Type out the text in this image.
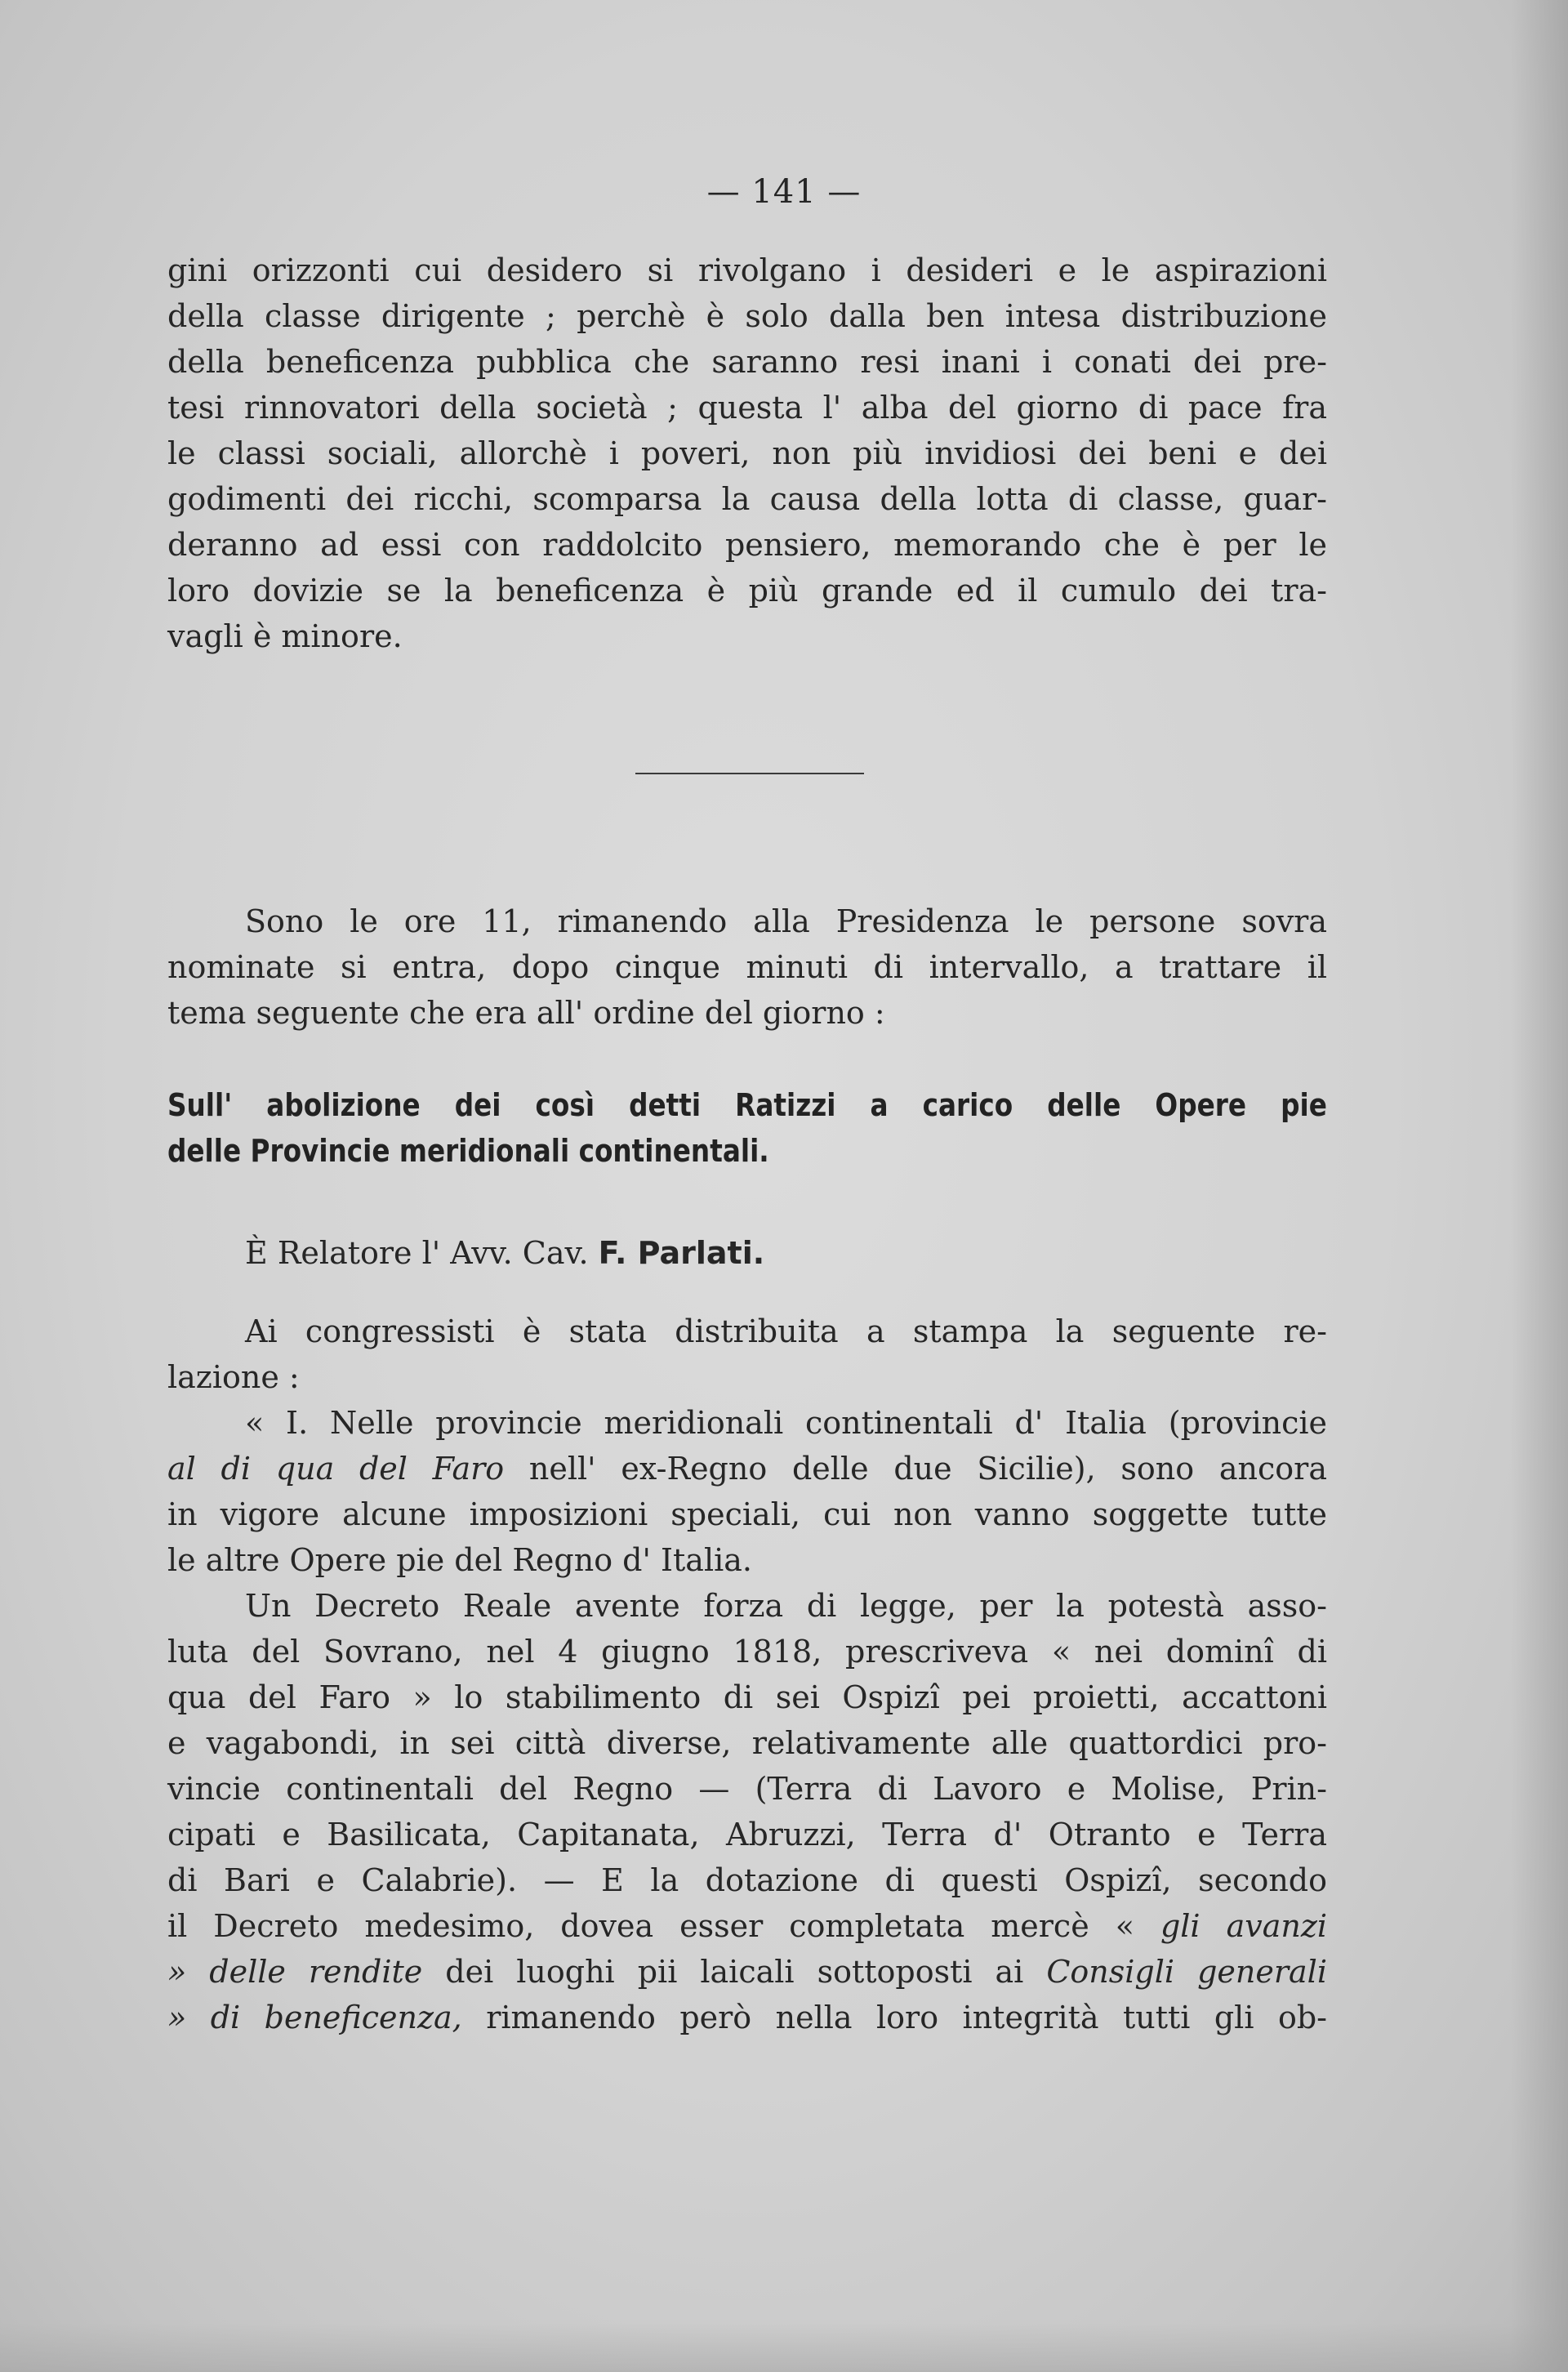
— 141 —

gini orizzonti cui desidero si rivolgano i desideri e le aspirazioni

della classe dirigente ; perchè è solo dalla ben intesa distribuzione

della beneficenza pubblica che saranno resi inani i conati dei pre-

tesi rinnovatori della società ; questa l' alba del giorno di pace fra

le classi sociali, allorchè i poveri, non più invidiosi dei beni e dei

godimenti dei ricchi, scomparsa la causa della lotta di classe, guar-

deranno ad essi con raddolcito pensiero, memorando che è per le

loro dovizie se la beneficenza è più grande ed il cumulo dei tra-

vagli è minore.

Sono le ore 11, rimanendo alla Presidenza le persone sovra

nominate si entra, dopo cinque minuti di intervallo, a trattare il

tema seguente che era all' ordine del giorno :

Sull' abolizione dei così detti Ratizzi a carico delle Opere pie

delle Provincie meridionali continentali.

È Relatore l' Avv. Cav. F. Parlati.

Ai congressisti è stata distribuita a stampa la seguente re-

lazione :

« I. Nelle provincie meridionali continentali d' Italia (provincie

al di qua del Faro nell' ex-Regno delle due Sicilie), sono ancora

in vigore alcune imposizioni speciali, cui non vanno soggette tutte

le altre Opere pie del Regno d' Italia.

Un Decreto Reale avente forza di legge, per la potestà asso-

luta del Sovrano, nel 4 giugno 1818, prescriveva « nei dominî di

qua del Faro » lo stabilimento di sei Ospizî pei proietti, accattoni

e vagabondi, in sei città diverse, relativamente alle quattordici pro-

vincie continentali del Regno — (Terra di Lavoro e Molise, Prin-

cipati e Basilicata, Capitanata, Abruzzi, Terra d' Otranto e Terra

di Bari e Calabrie). — E la dotazione di questi Ospizî, secondo

il Decreto medesimo, dovea esser completata mercè « gli avanzi

» delle rendite dei luoghi pii laicali sottoposti ai Consigli generali

» di beneficenza, rimanendo però nella loro integrità tutti gli ob-
